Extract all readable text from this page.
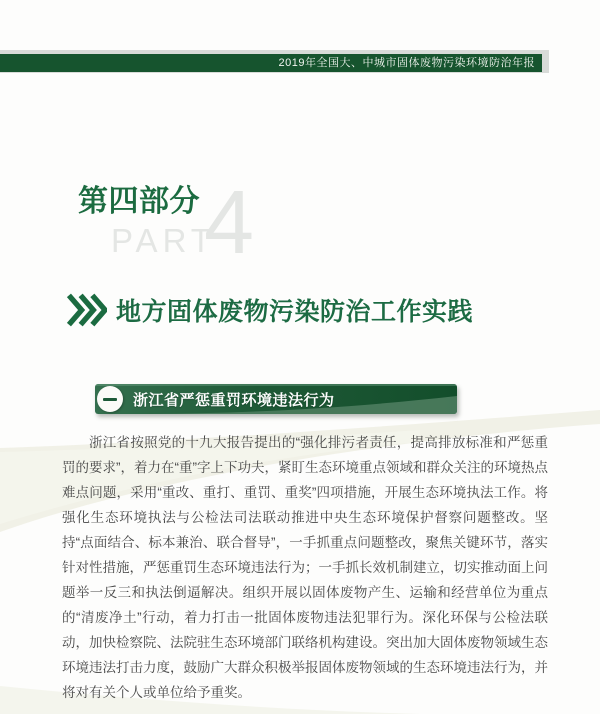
2019年全国大、中城市固体废物污染环境防治年报
第四部分
PART
4
地方固体废物污染防治工作实践
浙江省严惩重罚环境违法行为

浙江省按照党的十九大报告提出的“强化排污者责任，提高排放标准和严惩重罚的要求”，着力在“重”字上下功夫，紧盯生态环境重点领域和群众关注的环境热点难点问题，采用“重改、重打、重罚、重奖”四项措施，开展生态环境执法工作。将强化生态环境执法与公检法司法联动推进中央生态环境保护督察问题整改。坚持“点面结合、标本兼治、联合督导”，一手抓重点问题整改，聚焦关键环节，落实针对性措施，严惩重罚生态环境违法行为；一手抓长效机制建立，切实推动面上问题举一反三和执法倒逼解决。组织开展以固体废物产生、运输和经营单位为重点的“清废净土”行动，着力打击一批固体废物违法犯罪行为。深化环保与公检法联动，加快检察院、法院驻生态环境部门联络机构建设。突出加大固体废物领域生态环境违法打击力度，鼓励广大群众积极举报固体废物领域的生态环境违法行为，并将对有关个人或单位给予重奖。
